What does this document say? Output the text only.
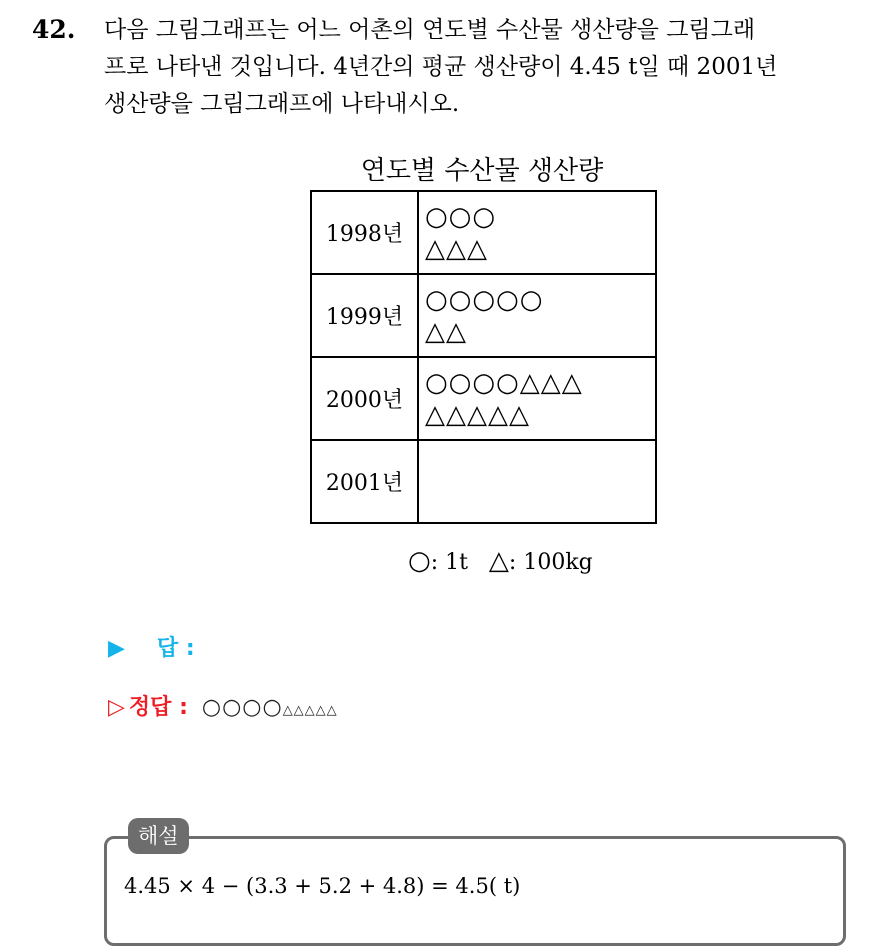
42. 다음 그림그래프는 어느 어촌의 연도별 수산물 생산량을 그림그래
프로 나타낸 것입니다. 4년간의 평균 생산량이 4.45 t일 때 2001년
생산량을 그림그래프에 나타내시오.
연도별 수산물 생산량
1998년	○○○
△△△

1999년	○○○○○
△△

2000년	○○○○△△△
△△△△△

2001년	
○: 1t △: 100kg
▶ 답 :
▷ 정답 : ○○○○△△△△△
해설
4.45 × 4 − (3.3 + 5.2 + 4.8) = 4.5( t)
